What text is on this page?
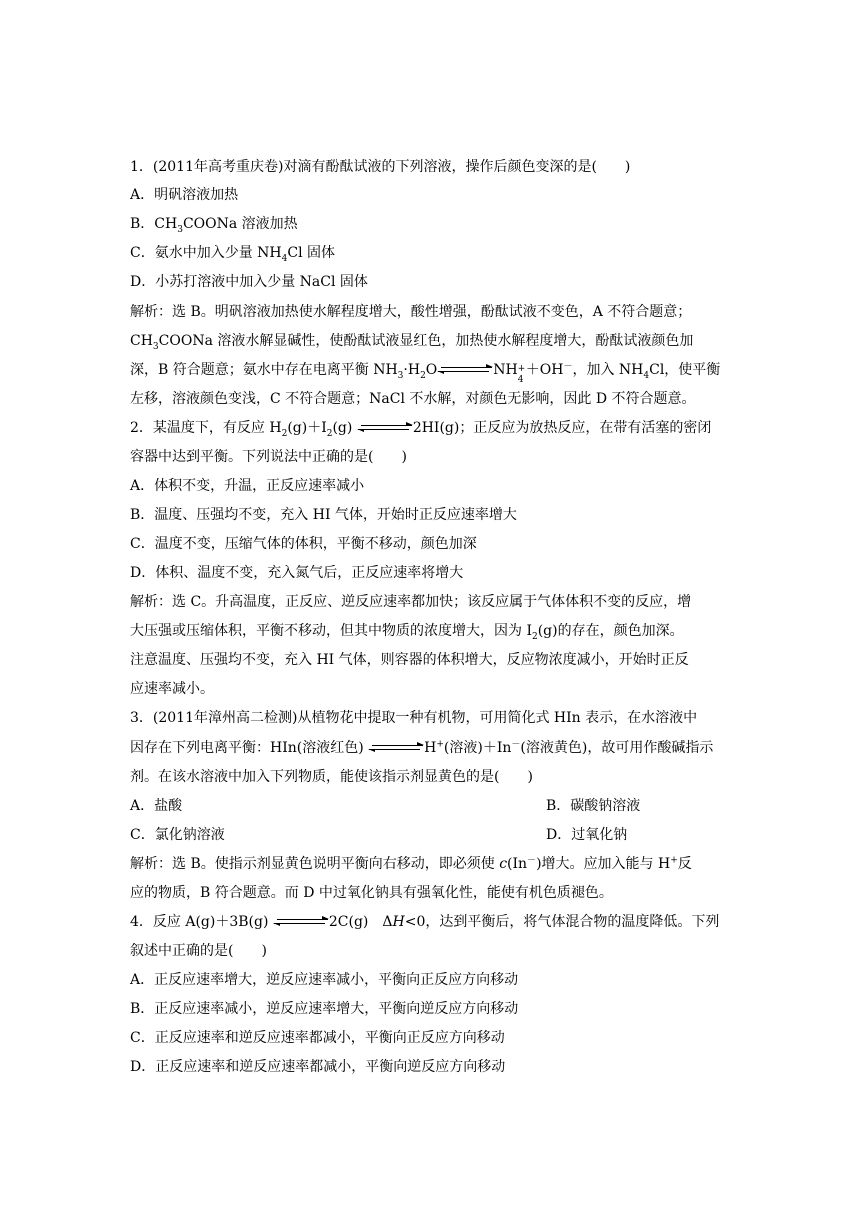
1．(2011年高考重庆卷)对滴有酚酞试液的下列溶液，操作后颜色变深的是(　　)
A．明矾溶液加热
B．$CH_3COONa$ 溶液加热
C．氨水中加入少量 $NH_4Cl$ 固体
D．小苏打溶液中加入少量 NaCl 固体
解析：选 B。明矾溶液加热使水解程度增大，酸性增强，酚酞试液不变色，A 不符合题意；
$CH_3COONa$ 溶液水解显碱性，使酚酞试液显红色，加热使水解程度增大，酚酞试液颜色加
深，B 符合题意；氨水中存在电离平衡 $NH_3\cdot H_2O\rightleftharpoons NH$ +
4
＋OH－，加入 $NH_4Cl$，使平衡
左移，溶液颜色变浅，C 不符合题意；NaCl 不水解，对颜色无影响，因此 D 不符合题意。
2．某温度下，有反应 $H_2(g)+I_2(g)$ ⇌2HI(g)；正反应为放热反应，在带有活塞的密闭
容器中达到平衡。下列说法中正确的是(　　)
A．体积不变，升温，正反应速率减小
B．温度、压强均不变，充入 HI 气体，开始时正反应速率增大
C．温度不变，压缩气体的体积，平衡不移动，颜色加深
D．体积、温度不变，充入氮气后，正反应速率将增大
解析：选 C。升高温度，正反应、逆反应速率都加快；该反应属于气体体积不变的反应，增
大压强或压缩体积，平衡不移动，但其中物质的浓度增大，因为 $I_2(g)$的存在，颜色加深。
注意温度、压强均不变，充入 HI 气体，则容器的体积增大，反应物浓度减小，开始时正反
应速率减小。
3．(2011年漳州高二检测)从植物花中提取一种有机物，可用简化式 HIn 表示，在水溶液中
因存在下列电离平衡：HIn(溶液红色) ⇌H+(溶液)＋In－(溶液黄色)，故可用作酸碱指示
剂。在该水溶液中加入下列物质，能使该指示剂显黄色的是(　　)
A．盐酸	B．碳酸钠溶液
C．氯化钠溶液	D．过氧化钠
解析：选 B。使指示剂显黄色说明平衡向右移动，即必须使 c(In－)增大。应加入能与 H+反
应的物质，B 符合题意。而 D 中过氧化钠具有强氧化性，能使有机色质褪色。
4．反应 A(g)＋3B(g) ⇌2C(g)　ΔH<0，达到平衡后，将气体混合物的温度降低。下列
叙述中正确的是(　　)
A．正反应速率增大，逆反应速率减小，平衡向正反应方向移动
B．正反应速率减小，逆反应速率增大，平衡向逆反应方向移动
C．正反应速率和逆反应速率都减小，平衡向正反应方向移动
D．正反应速率和逆反应速率都减小，平衡向逆反应方向移动
